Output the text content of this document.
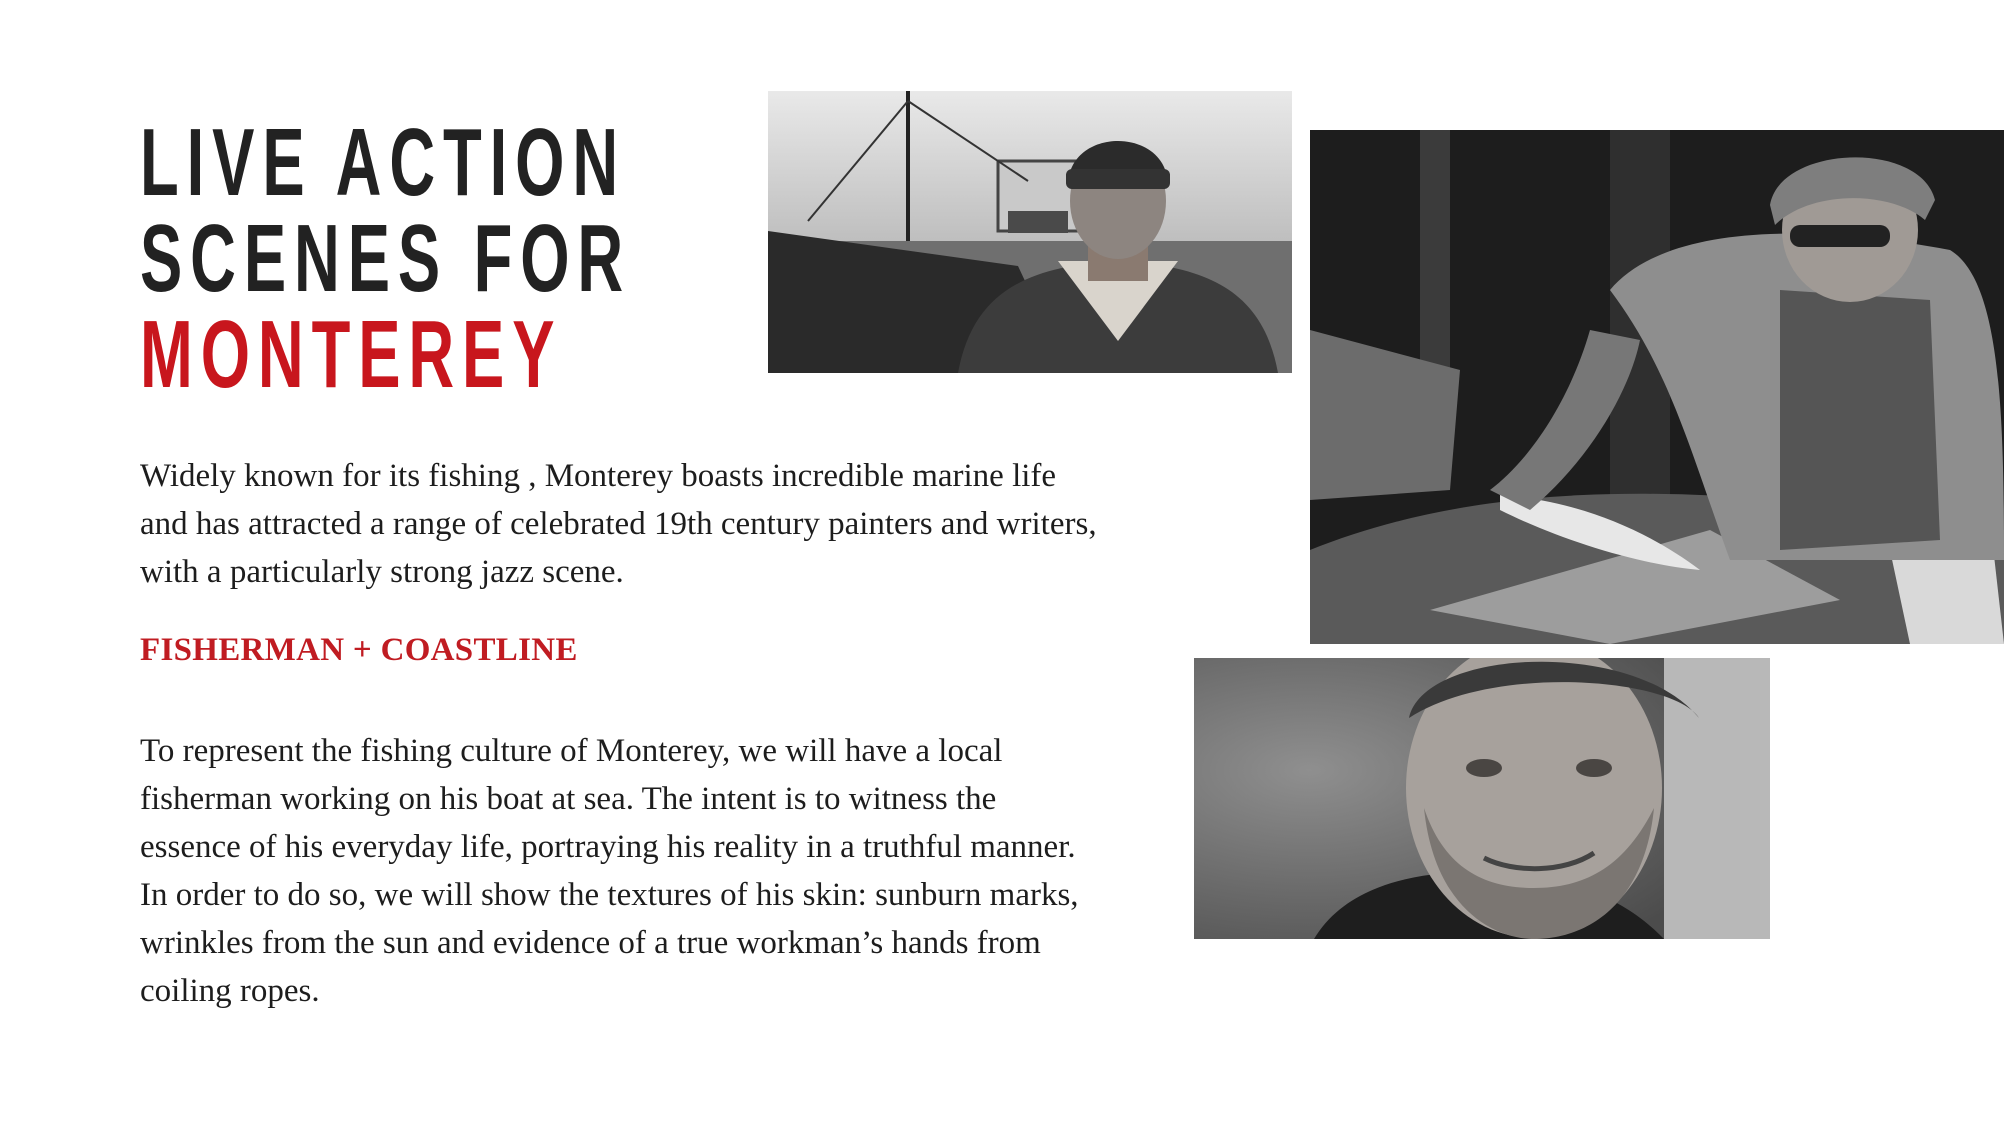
LIVE ACTION
SCENES FOR
MONTEREY

Widely known for its fishing , Monterey boasts incredible marine life and has attracted a range of celebrated 19th century painters and writers, with a particularly strong jazz scene.

FISHERMAN + COASTLINE

To represent the fishing culture of Monterey, we will have a local fisherman working on his boat at sea. The intent is to witness the essence of his everyday life, portraying his reality in a truthful manner. In order to do so, we will show the textures of his skin: sunburn marks, wrinkles from the sun and evidence of a true workman’s hands from coiling ropes.
